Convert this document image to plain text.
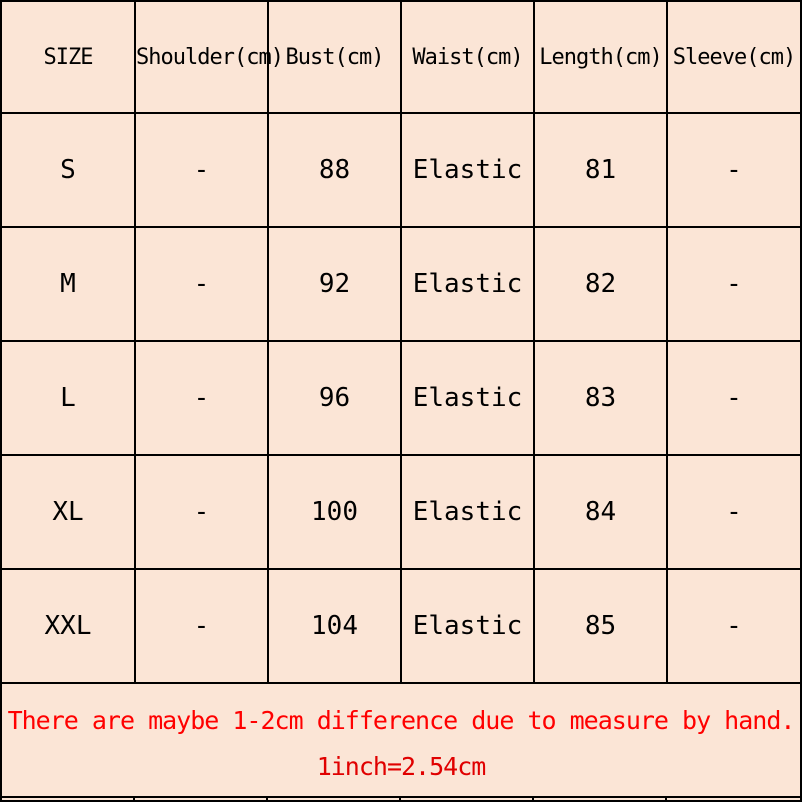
SIZE	Shoulder(cm)	Bust(cm)	Waist(cm)	Length(cm)	Sleeve(cm)
S	-	88	Elastic	81	-
M	-	92	Elastic	82	-
L	-	96	Elastic	83	-
XL	-	100	Elastic	84	-
XXL	-	104	Elastic	85	-

There are maybe 1-2cm difference due to measure by hand.
1inch=2.54cm					
